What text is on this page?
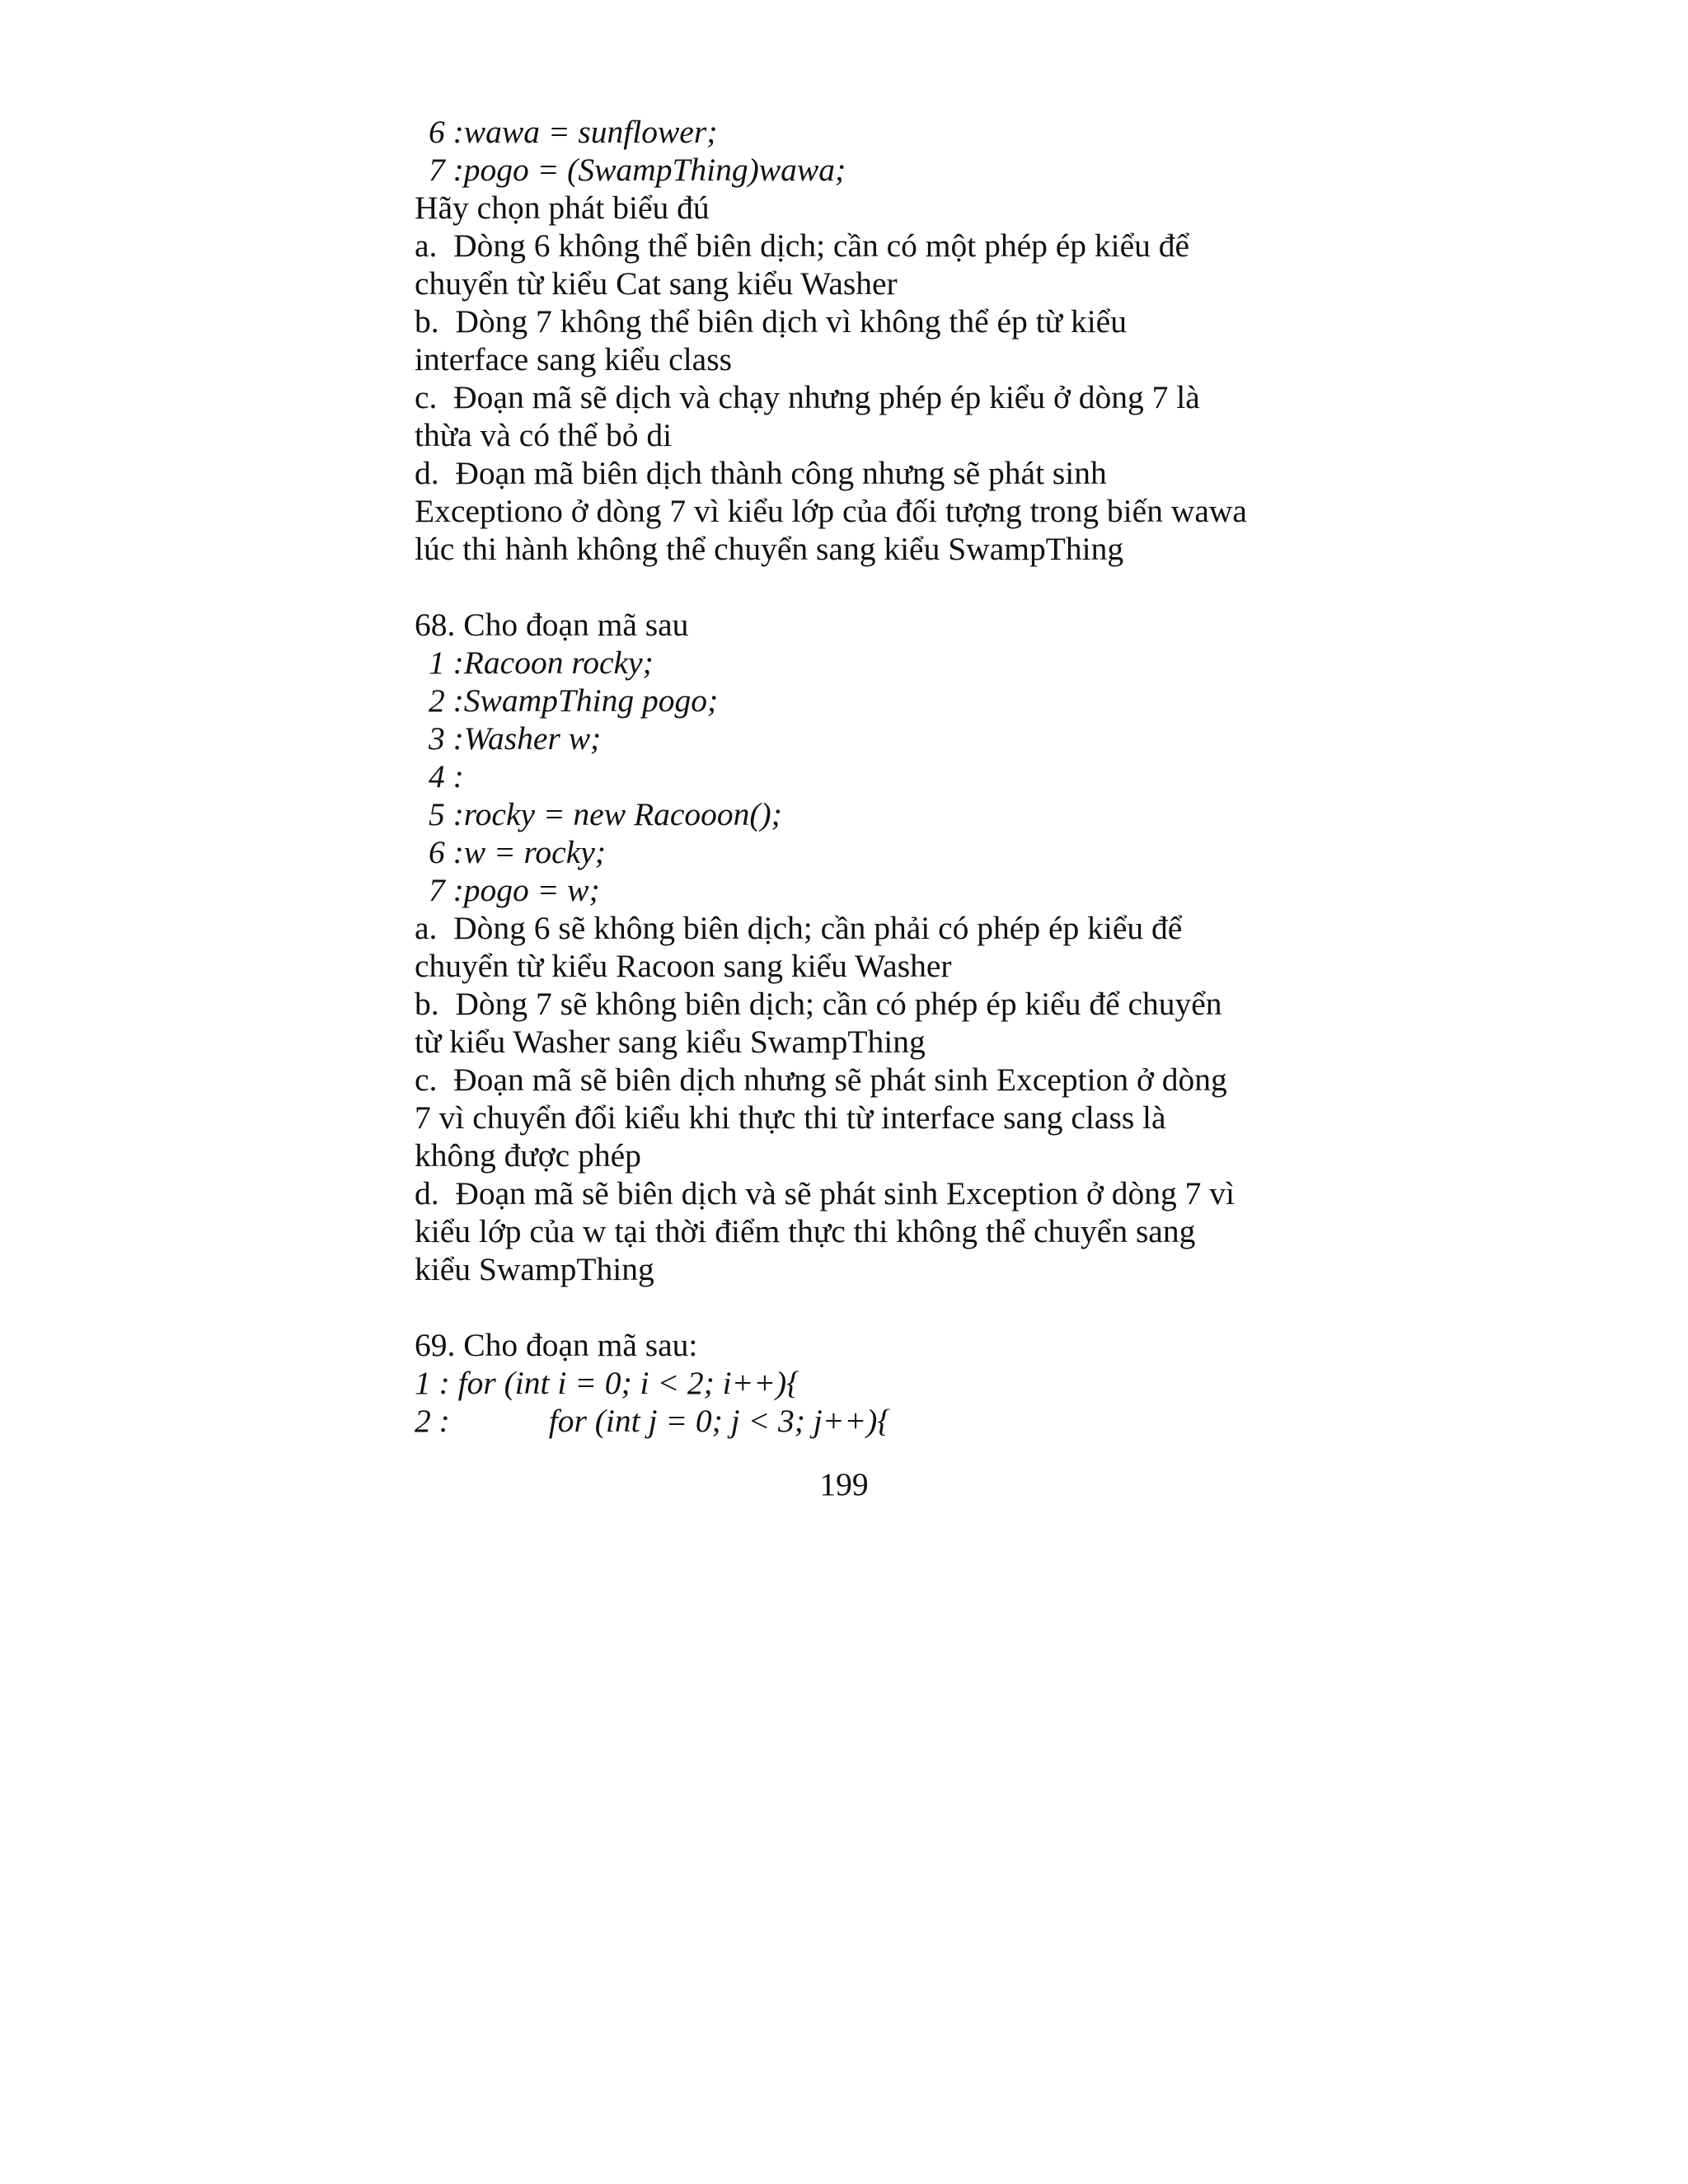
6 :wawa = sunflower;
7 :pogo = (SwampThing)wawa;
Hãy chọn phát biểu đú
a.  Dòng 6 không thể biên dịch; cần có một phép ép kiểu để
chuyển từ kiểu Cat sang kiểu Washer
b.  Dòng 7 không thể biên dịch vì không thể ép từ kiểu
interface sang kiểu class
c.  Đoạn mã sẽ dịch và chạy nhưng phép ép kiểu ở dòng 7 là
thừa và có thể bỏ di
d.  Đoạn mã biên dịch thành công nhưng sẽ phát sinh
Exceptiono ở dòng 7 vì kiểu lớp của đối tượng trong biến wawa
lúc thi hành không thể chuyển sang kiểu SwampThing
68. Cho đoạn mã sau
1 :Racoon rocky;
2 :SwampThing pogo;
3 :Washer w;
4 :
5 :rocky = new Racooon();
6 :w = rocky;
7 :pogo = w;
a.  Dòng 6 sẽ không biên dịch; cần phải có phép ép kiểu để
chuyển từ kiểu Racoon sang kiểu Washer
b.  Dòng 7 sẽ không biên dịch; cần có phép ép kiểu để chuyển
từ kiểu Washer sang kiểu SwampThing
c.  Đoạn mã sẽ biên dịch nhưng sẽ phát sinh Exception ở dòng
7 vì chuyển đổi kiểu khi thực thi từ interface sang class là
không được phép
d.  Đoạn mã sẽ biên dịch và sẽ phát sinh Exception ở dòng 7 vì
kiểu lớp của w tại thời điểm thực thi không thể chuyển sang
kiểu SwampThing
69. Cho đoạn mã sau:
1 : for (int i = 0; i < 2; i++){
2 :	for (int j = 0; j < 3; j++){
199
